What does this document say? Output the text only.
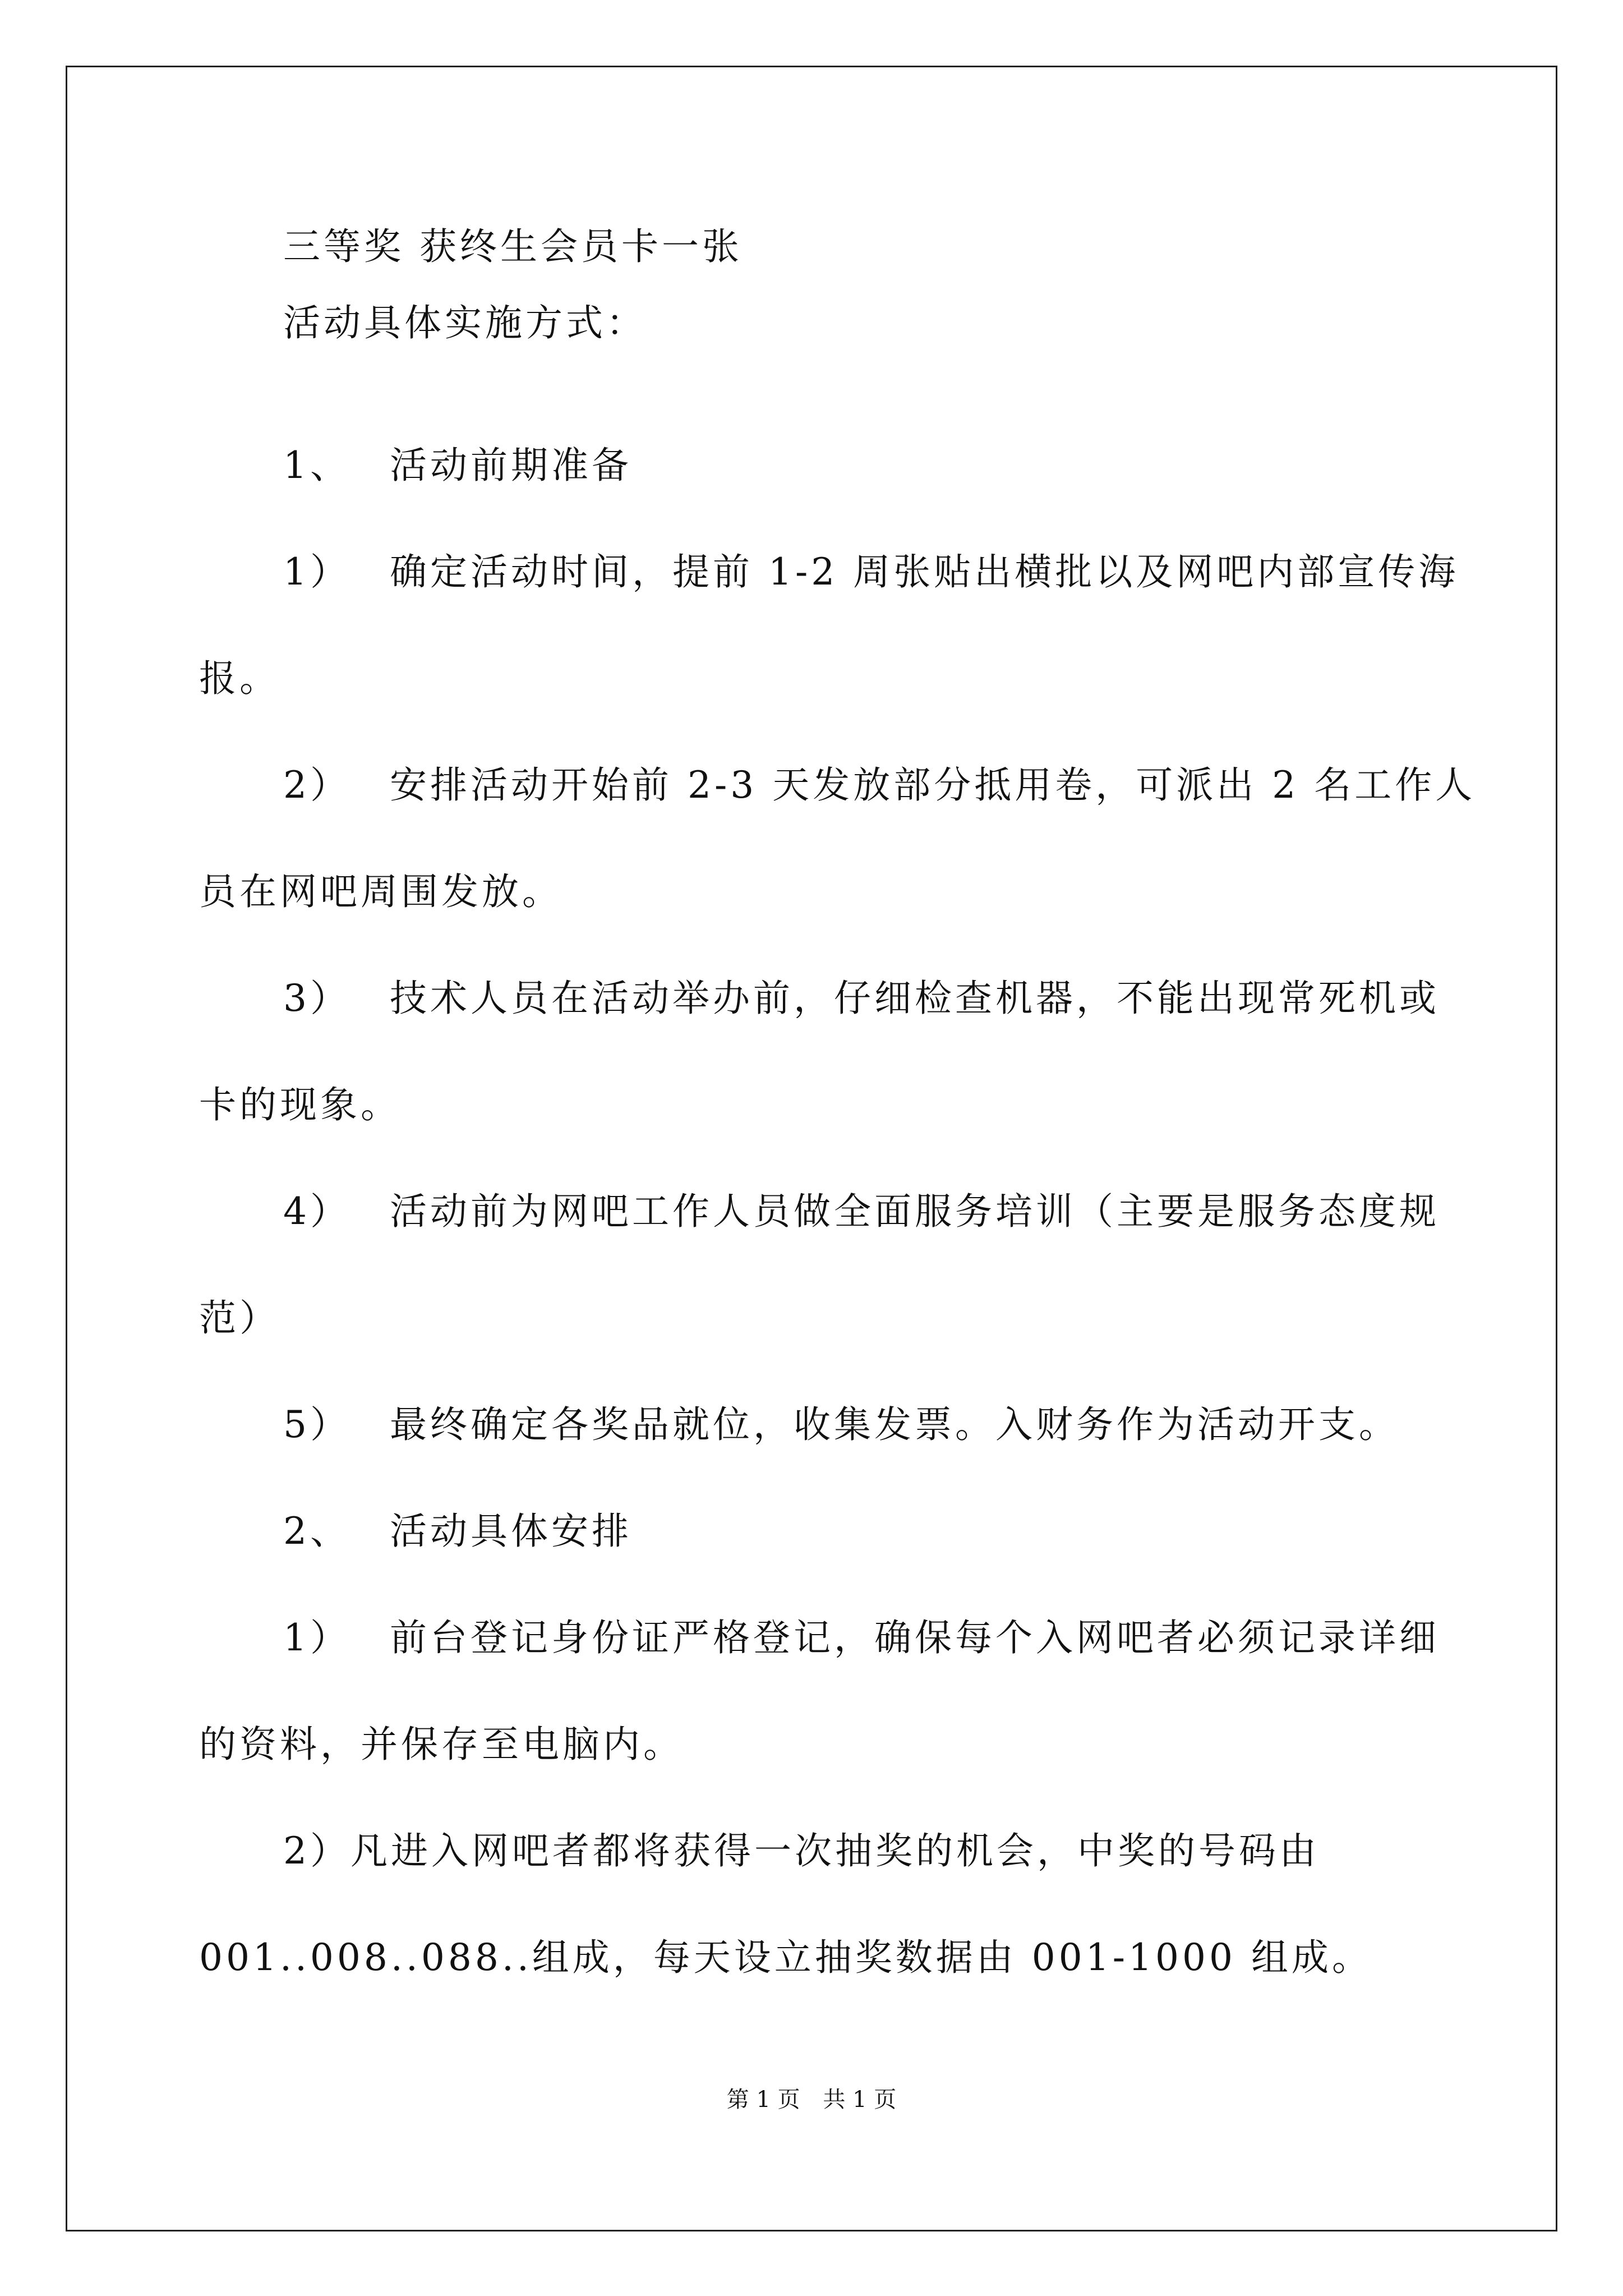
三等奖 获终生会员卡一张
活动具体实施方式：
1、 活动前期准备
1） 确定活动时间，提前 1-2 周张贴出横批以及网吧内部宣传海
报。
2） 安排活动开始前 2-3 天发放部分抵用卷，可派出 2 名工作人
员在网吧周围发放。
3） 技术人员在活动举办前，仔细检查机器，不能出现常死机或
卡的现象。
4） 活动前为网吧工作人员做全面服务培训（主要是服务态度规
范）
5） 最终确定各奖品就位，收集发票。入财务作为活动开支。
2、 活动具体安排
1） 前台登记身份证严格登记，确保每个入网吧者必须记录详细
的资料，并保存至电脑内。
2）凡进入网吧者都将获得一次抽奖的机会，中奖的号码由
001..008..088..组成，每天设立抽奖数据由 001-1000 组成。
第 1 页 共 1 页
